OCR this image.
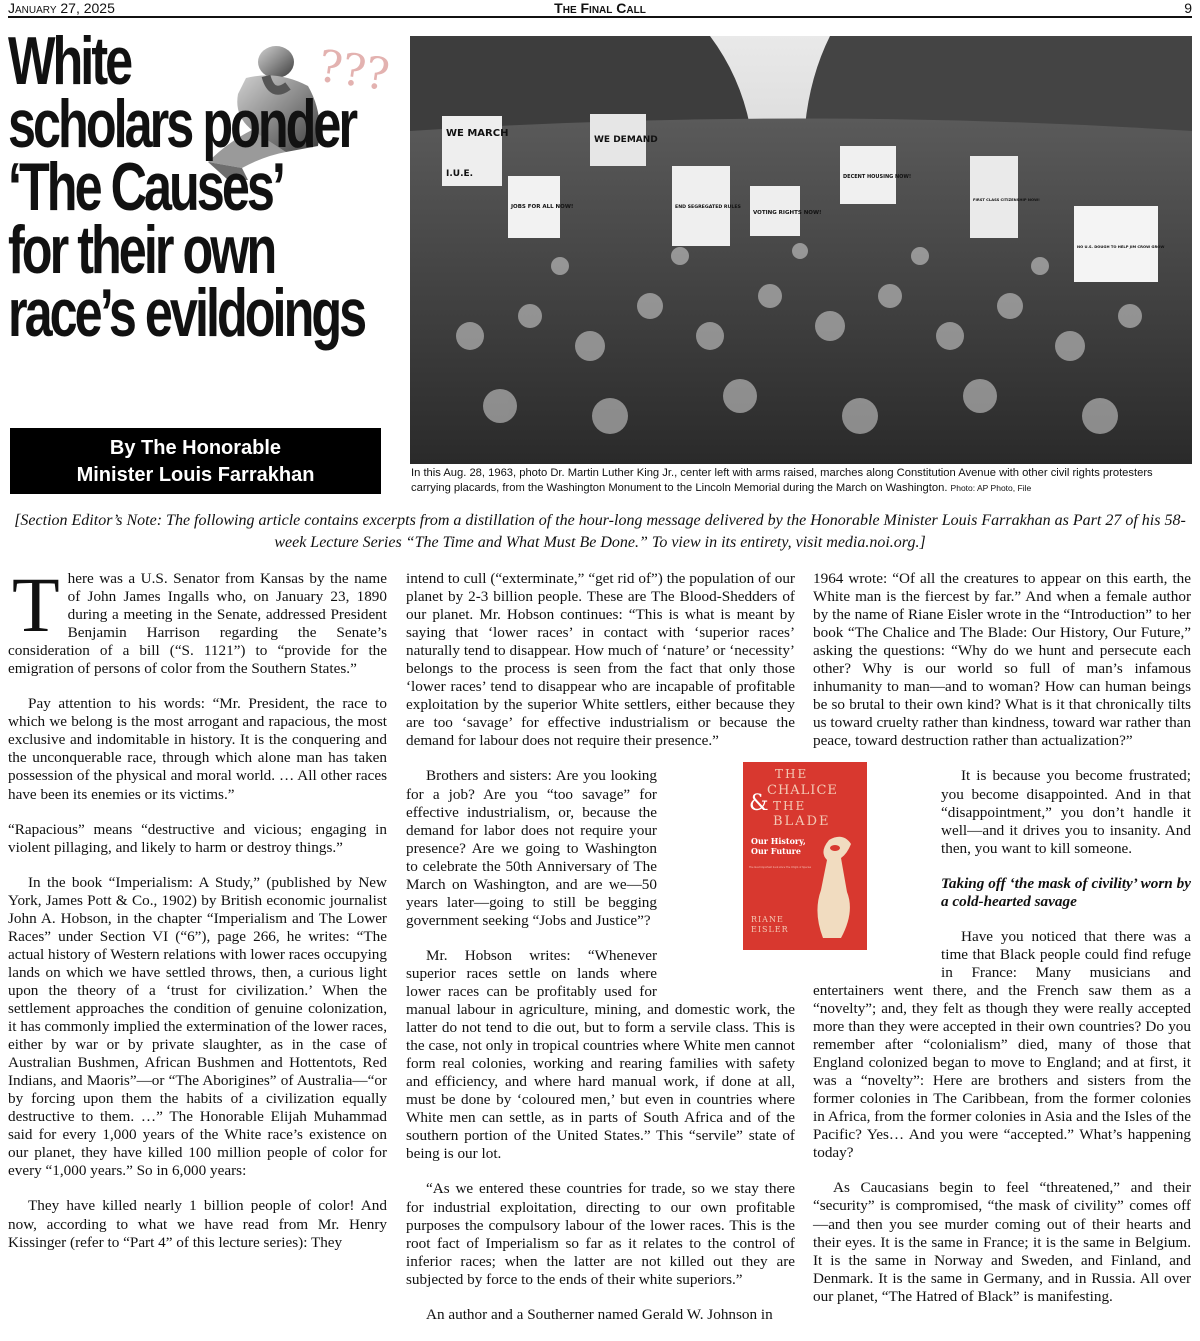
January 27, 2025	The Final Call	9
???
White
scholars ponder
‘The Causes’
for their own
race’s evildoings
By The Honorable
Minister Louis Farrakhan
WE MARCH
I.U.E.
JOBS FOR ALL NOW!
WE DEMAND
END SEGREGATED RULES
VOTING RIGHTS NOW!
DECENT HOUSING NOW!
FIRST CLASS CITIZENSHIP NOW!
NO U.S. DOUGH TO HELP JIM CROW GROW
In this Aug. 28, 1963, photo Dr. Martin Luther King Jr., center left with arms raised, marches along Constitution Avenue with other civil rights protesters carrying placards, from the Washington Monument to the Lincoln Memorial during the March on Washington. Photo: AP Photo, File
[Section Editor’s Note: The following article contains excerpts from a distillation of the hour-long message delivered by the Honorable Minister Louis Farrakhan as Part 27 of his 58-week Lecture Series “The Time and What Must Be Done.” To view in its entirety, visit media.noi.org.]

There was a U.S. Senator from Kansas by the name of John James Ingalls who, on January 23, 1890 during a meeting in the Senate, addressed President Benjamin Harrison regarding the Senate’s consideration of a bill (“S. 1121”) to “provide for the emigration of persons of color from the Southern States.”

Pay attention to his words: “Mr. President, the race to which we belong is the most arrogant and rapacious, the most exclusive and indomitable in history. It is the conquering and the unconquerable race, through which alone man has taken possession of the physical and moral world. … All other races have been its enemies or its victims.”

“Rapacious” means “destructive and vicious; engaging in violent pillaging, and likely to harm or destroy things.”

In the book “Imperialism: A Study,” (published by New York, James Pott & Co., 1902) by British economic journalist John A. Hobson, in the chapter “Imperialism and The Lower Races” under Section VI (“6”), page 266, he writes: “The actual history of Western relations with lower races occupying lands on which we have settled throws, then, a curious light upon the theory of a ‘trust for civilization.’ When the settlement approaches the condition of genuine colonization, it has commonly implied the extermination of the lower races, either by war or by private slaughter, as in the case of Australian Bushmen, African Bushmen and Hottentots, Red Indians, and Maoris”—or “The Aborigines” of Australia—“or by forcing upon them the habits of a civilization equally destructive to them. …” The Honorable Elijah Muhammad said for every 1,000 years of the White race’s existence on our planet, they have killed 100 million people of color for every “1,000 years.” So in 6,000 years:

They have killed nearly 1 billion people of color! And now, according to what we have read from Mr. Henry Kissinger (refer to “Part 4” of this lecture series): They

intend to cull (“exterminate,” “get rid of”) the population of our planet by 2-3 billion people. These are The Blood-Shedders of our planet. Mr. Hobson continues: “This is what is meant by saying that ‘lower races’ in contact with ‘superior races’ naturally tend to disappear. How much of ‘nature’ or ‘necessity’ belongs to the process is seen from the fact that only those ‘lower races’ tend to disappear who are incapable of profitable exploitation by the superior White settlers, either because they are too ‘savage’ for effective industrialism or because the demand for labour does not require their presence.”

Brothers and sisters: Are you looking for a job? Are you “too savage” for effective industrialism, or, because the demand for labor does not require your presence? Are we going to Washington to celebrate the 50th Anniversary of The March on Washington, and are we—50 years later—going to still be begging government seeking “Jobs and Justice”?

Mr. Hobson writes: “Whenever superior races settle on lands where lower races can be profitably used for manual labour in agriculture, mining, and domestic work, the latter do not tend to die out, but to form a servile class. This is the case, not only in tropical countries where White men cannot form real colonies, working and rearing families with safety and efficiency, and where hard manual work, if done at all, must be done by ‘coloured men,’ but even in countries where White men can settle, as in parts of South Africa and of the southern portion of the United States.” This “servile” state of being is our lot.

“As we entered these countries for trade, so we stay there for industrial exploitation, directing to our own profitable purposes the compulsory labour of the lower races. This is the root fact of Imperialism so far as it relates to the control of inferior races; when the latter are not killed out they are subjected by force to the ends of their white superiors.”

An author and a Southerner named Gerald W. Johnson in

1964 wrote: “Of all the creatures to appear on this earth, the White man is the fiercest by far.” And when a female author by the name of Riane Eisler wrote in the “Introduction” to her book “The Chalice and The Blade: Our History, Our Future,” asking the questions: “Why do we hunt and persecute each other? Why is our world so full of man’s infamous inhumanity to man—and to woman? How can human beings be so brutal to their own kind? What is it that chronically tilts us toward cruelty rather than kindness, toward war rather than peace, toward destruction rather than actualization?”

It is because you become frustrated; you become disappointed. And in that “disappointment,” you don’t handle it well—and it drives you to insanity. And then, you want to kill someone.

Taking off ‘the mask of civility’ worn by a cold-hearted savage

Have you noticed that there was a time that Black people could find refuge in France: Many musicians and entertainers went there, and the French saw them as a “novelty”; and, they felt as though they were really accepted more than they were accepted in their own countries? Do you remember after “colonialism” died, many of those that England colonized began to move to England; and at first, it was a “novelty”: Here are brothers and sisters from the former colonies in The Caribbean, from the former colonies in Africa, from the former colonies in Asia and the Isles of the Pacific? Yes… And you were “accepted.” What’s happening today?

As Caucasians begin to feel “threatened,” and their “security” is compromised, “the mask of civility” comes off—and then you see murder coming out of their hearts and their eyes. It is the same in France; it is the same in Belgium. It is the same in Norway and Sweden, and Finland, and Denmark. It is the same in Germany, and in Russia. All over our planet, “The Hatred of Black” is manifesting.

THE
CHALICE
& THE
BLADE
Our History,
Our Future
The most important book since The Origin of Species
RIANE
EISLER
